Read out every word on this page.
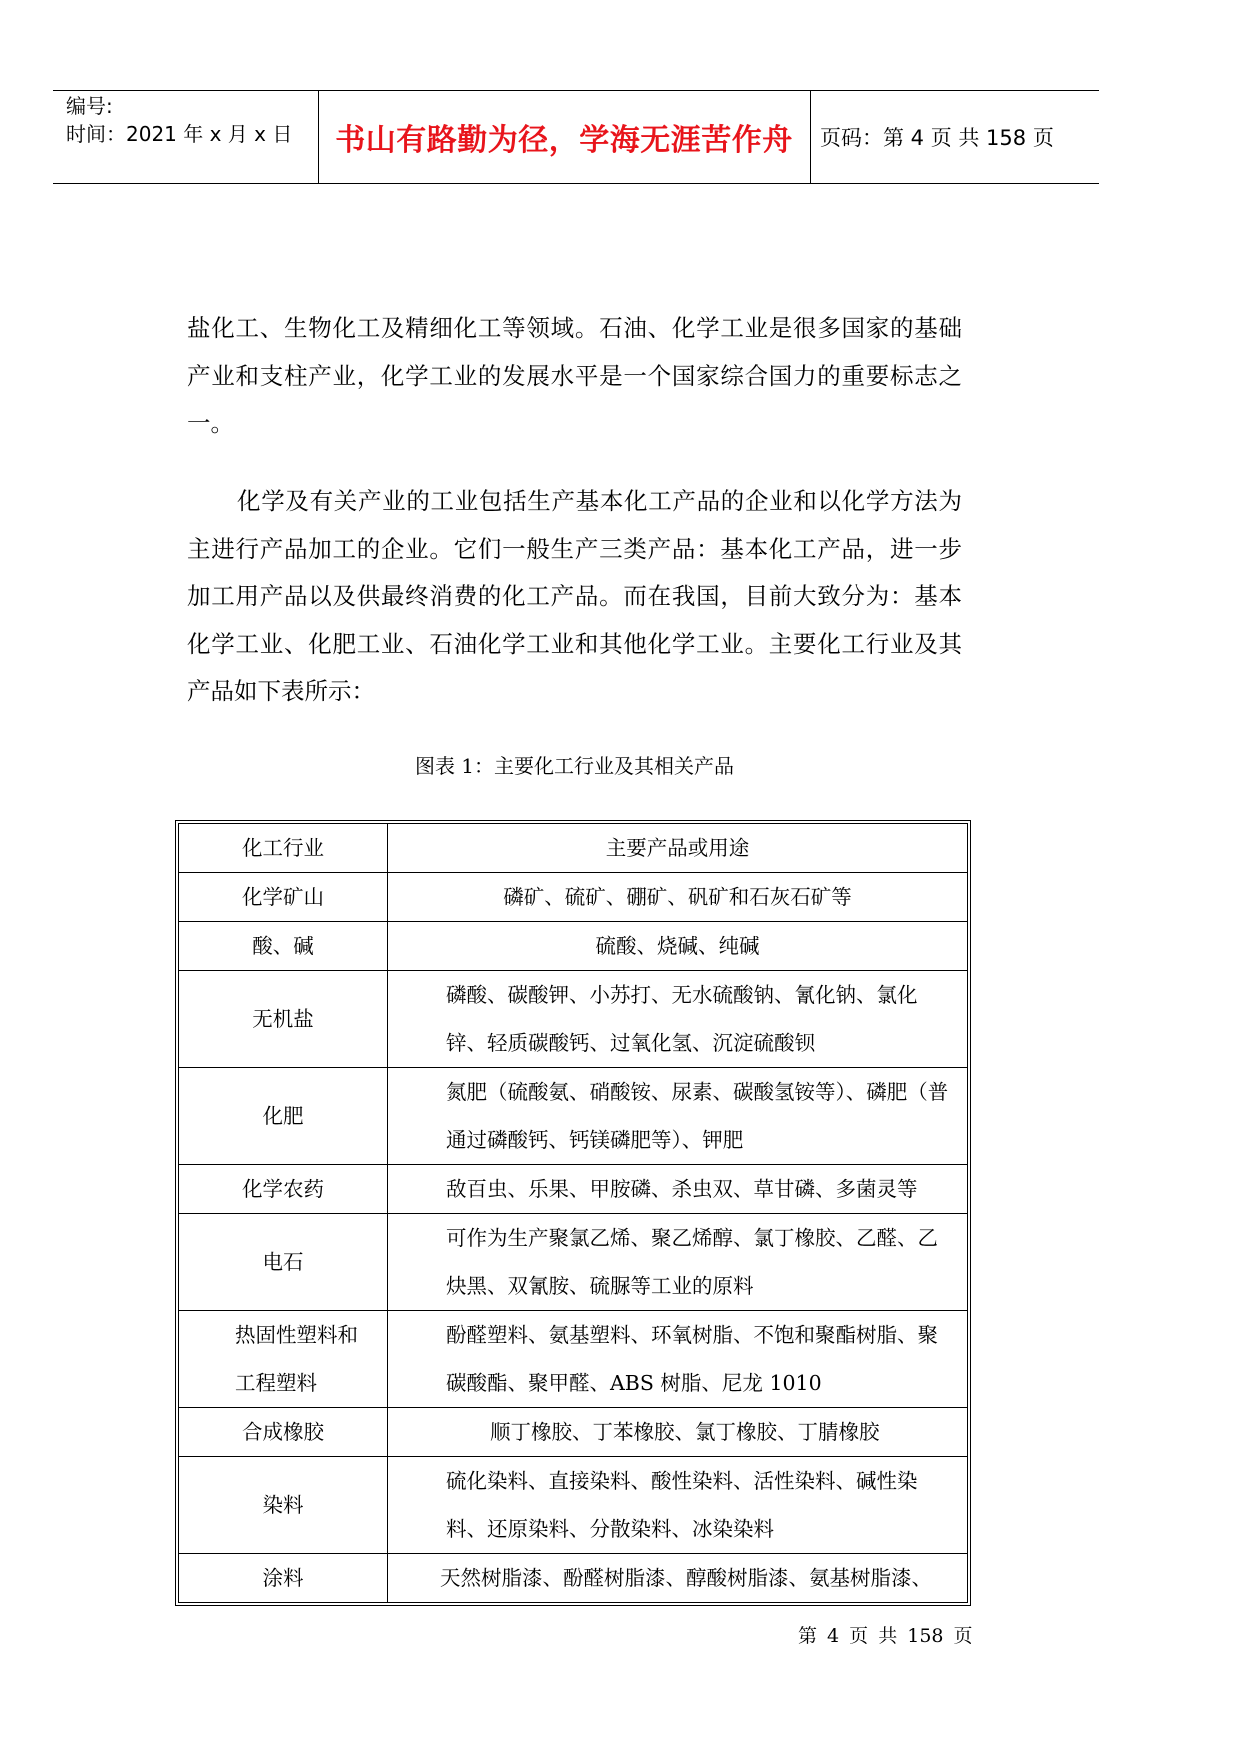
编号:
时间：2021 年 x 月 x 日	书山有路勤为径，学海无涯苦作舟	页码：第 4 页 共 158 页

盐化工、生物化工及精细化工等领域。石油、化学工业是很多国家的基础产业和支柱产业，化学工业的发展水平是一个国家综合国力的重要标志之一。

化学及有关产业的工业包括生产基本化工产品的企业和以化学方法为主进行产品加工的企业。它们一般生产三类产品：基本化工产品，进一步加工用产品以及供最终消费的化工产品。而在我国，目前大致分为：基本化学工业、化肥工业、石油化学工业和其他化学工业。主要化工行业及其产品如下表所示：

图表 1：主要化工行业及其相关产品
化工行业	主要产品或用途
化学矿山	磷矿、硫矿、硼矿、矾矿和石灰石矿等
酸、碱	硫酸、烧碱、纯碱
无机盐	磷酸、碳酸钾、小苏打、无水硫酸钠、氰化钠、氯化锌、轻质碳酸钙、过氧化氢、沉淀硫酸钡
化肥	氮肥（硫酸氨、硝酸铵、尿素、碳酸氢铵等）、磷肥（普通过磷酸钙、钙镁磷肥等）、钾肥
化学农药	敌百虫、乐果、甲胺磷、杀虫双、草甘磷、多菌灵等
电石	可作为生产聚氯乙烯、聚乙烯醇、氯丁橡胶、乙醛、乙炔黑、双氰胺、硫脲等工业的原料
热固性塑料和工程塑料	酚醛塑料、氨基塑料、环氧树脂、不饱和聚酯树脂、聚碳酸酯、聚甲醛、ABS 树脂、尼龙 1010
合成橡胶	顺丁橡胶、丁苯橡胶、氯丁橡胶、丁腈橡胶
染料	硫化染料、直接染料、酸性染料、活性染料、碱性染料、还原染料、分散染料、冰染染料
涂料	天然树脂漆、酚醛树脂漆、醇酸树脂漆、氨基树脂漆、
第 4 页 共 158 页
